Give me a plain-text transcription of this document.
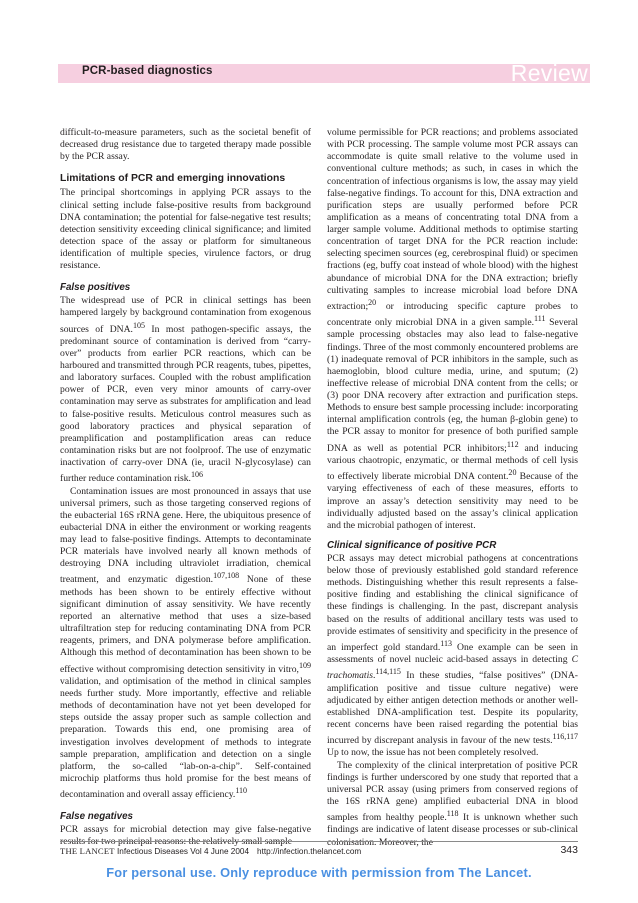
PCR-based diagnostics	Review

difficult-to-measure parameters, such as the societal benefit of decreased drug resistance due to targeted therapy made possible by the PCR assay.

Limitations of PCR and emerging innovations

The principal shortcomings in applying PCR assays to the clinical setting include false-positive results from background DNA contamination; the potential for false-negative test results; detection sensitivity exceeding clinical significance; and limited detection space of the assay or platform for simultaneous identification of multiple species, virulence factors, or drug resistance.

False positives

The widespread use of PCR in clinical settings has been hampered largely by background contamination from exogenous sources of DNA.$^{105}$ In most pathogen-specific assays, the predominant source of contamination is derived from “carry-over” products from earlier PCR reactions, which can be harboured and transmitted through PCR reagents, tubes, pipettes, and laboratory surfaces. Coupled with the robust amplification power of PCR, even very minor amounts of carry-over contamination may serve as substrates for amplification and lead to false-positive results. Meticulous control measures such as good laboratory practices and physical separation of preamplification and postamplification areas can reduce contamination risks but are not foolproof. The use of enzymatic inactivation of carry-over DNA (ie, uracil N-glycosylase) can further reduce contamination risk.$^{106}$

Contamination issues are most pronounced in assays that use universal primers, such as those targeting conserved regions of the eubacterial 16S rRNA gene. Here, the ubiquitous presence of eubacterial DNA in either the environment or working reagents may lead to false-positive findings. Attempts to decontaminate PCR materials have involved nearly all known methods of destroying DNA including ultraviolet irradiation, chemical treatment, and enzymatic digestion.$^{107,108}$ None of these methods has been shown to be entirely effective without significant diminution of assay sensitivity. We have recently reported an alternative method that uses a size-based ultrafiltration step for reducing contaminating DNA from PCR reagents, primers, and DNA polymerase before amplification. Although this method of decontamination has been shown to be effective without compromising detection sensitivity in vitro,$^{109}$ validation, and optimisation of the method in clinical samples needs further study. More importantly, effective and reliable methods of decontamination have not yet been developed for steps outside the assay proper such as sample collection and preparation. Towards this end, one promising area of investigation involves development of methods to integrate sample preparation, amplification and detection on a single platform, the so-called “lab-on-a-chip”. Self-contained microchip platforms thus hold promise for the best means of decontamination and overall assay efficiency.$^{110}$

False negatives

PCR assays for microbial detection may give false-negative results for two principal reasons: the relatively small sample

volume permissible for PCR reactions; and problems associated with PCR processing. The sample volume most PCR assays can accommodate is quite small relative to the volume used in conventional culture methods; as such, in cases in which the concentration of infectious organisms is low, the assay may yield false-negative findings. To account for this, DNA extraction and purification steps are usually performed before PCR amplification as a means of concentrating total DNA from a larger sample volume. Additional methods to optimise starting concentration of target DNA for the PCR reaction include: selecting specimen sources (eg, cerebrospinal fluid) or specimen fractions (eg, buffy coat instead of whole blood) with the highest abundance of microbial DNA for the DNA extraction; briefly cultivating samples to increase microbial load before DNA extraction;$^{20}$ or introducing specific capture probes to concentrate only microbial DNA in a given sample.$^{111}$ Several sample processing obstacles may also lead to false-negative findings. Three of the most commonly encountered problems are (1) inadequate removal of PCR inhibitors in the sample, such as haemoglobin, blood culture media, urine, and sputum; (2) ineffective release of microbial DNA content from the cells; or (3) poor DNA recovery after extraction and purification steps. Methods to ensure best sample processing include: incorporating internal amplification controls (eg, the human β-globin gene) to the PCR assay to monitor for presence of both purified sample DNA as well as potential PCR inhibitors;$^{112}$ and inducing various chaotropic, enzymatic, or thermal methods of cell lysis to effectively liberate microbial DNA content.$^{20}$ Because of the varying effectiveness of each of these measures, efforts to improve an assay’s detection sensitivity may need to be individually adjusted based on the assay’s clinical application and the microbial pathogen of interest.

Clinical significance of positive PCR

PCR assays may detect microbial pathogens at concentrations below those of previously established gold standard reference methods. Distinguishing whether this result represents a false-positive finding and establishing the clinical significance of these findings is challenging. In the past, discrepant analysis based on the results of additional ancillary tests was used to provide estimates of sensitivity and specificity in the presence of an imperfect gold standard.$^{113}$ One example can be seen in assessments of novel nucleic acid-based assays in detecting C trachomatis.$^{114,115}$ In these studies, “false positives” (DNA-amplification positive and tissue culture negative) were adjudicated by either antigen detection methods or another well-established DNA-amplification test. Despite its popularity, recent concerns have been raised regarding the potential bias incurred by discrepant analysis in favour of the new tests.$^{116,117}$ Up to now, the issue has not been completely resolved.

The complexity of the clinical interpretation of positive PCR findings is further underscored by one study that reported that a universal PCR assay (using primers from conserved regions of the 16S rRNA gene) amplified eubacterial DNA in blood samples from healthy people.$^{118}$ It is unknown whether such findings are indicative of latent disease processes or sub-clinical colonisation. Moreover, the

THE LANCET Infectious Diseases Vol 4 June 2004 http://infection.thelancet.com	343
For personal use. Only reproduce with permission from The Lancet.
